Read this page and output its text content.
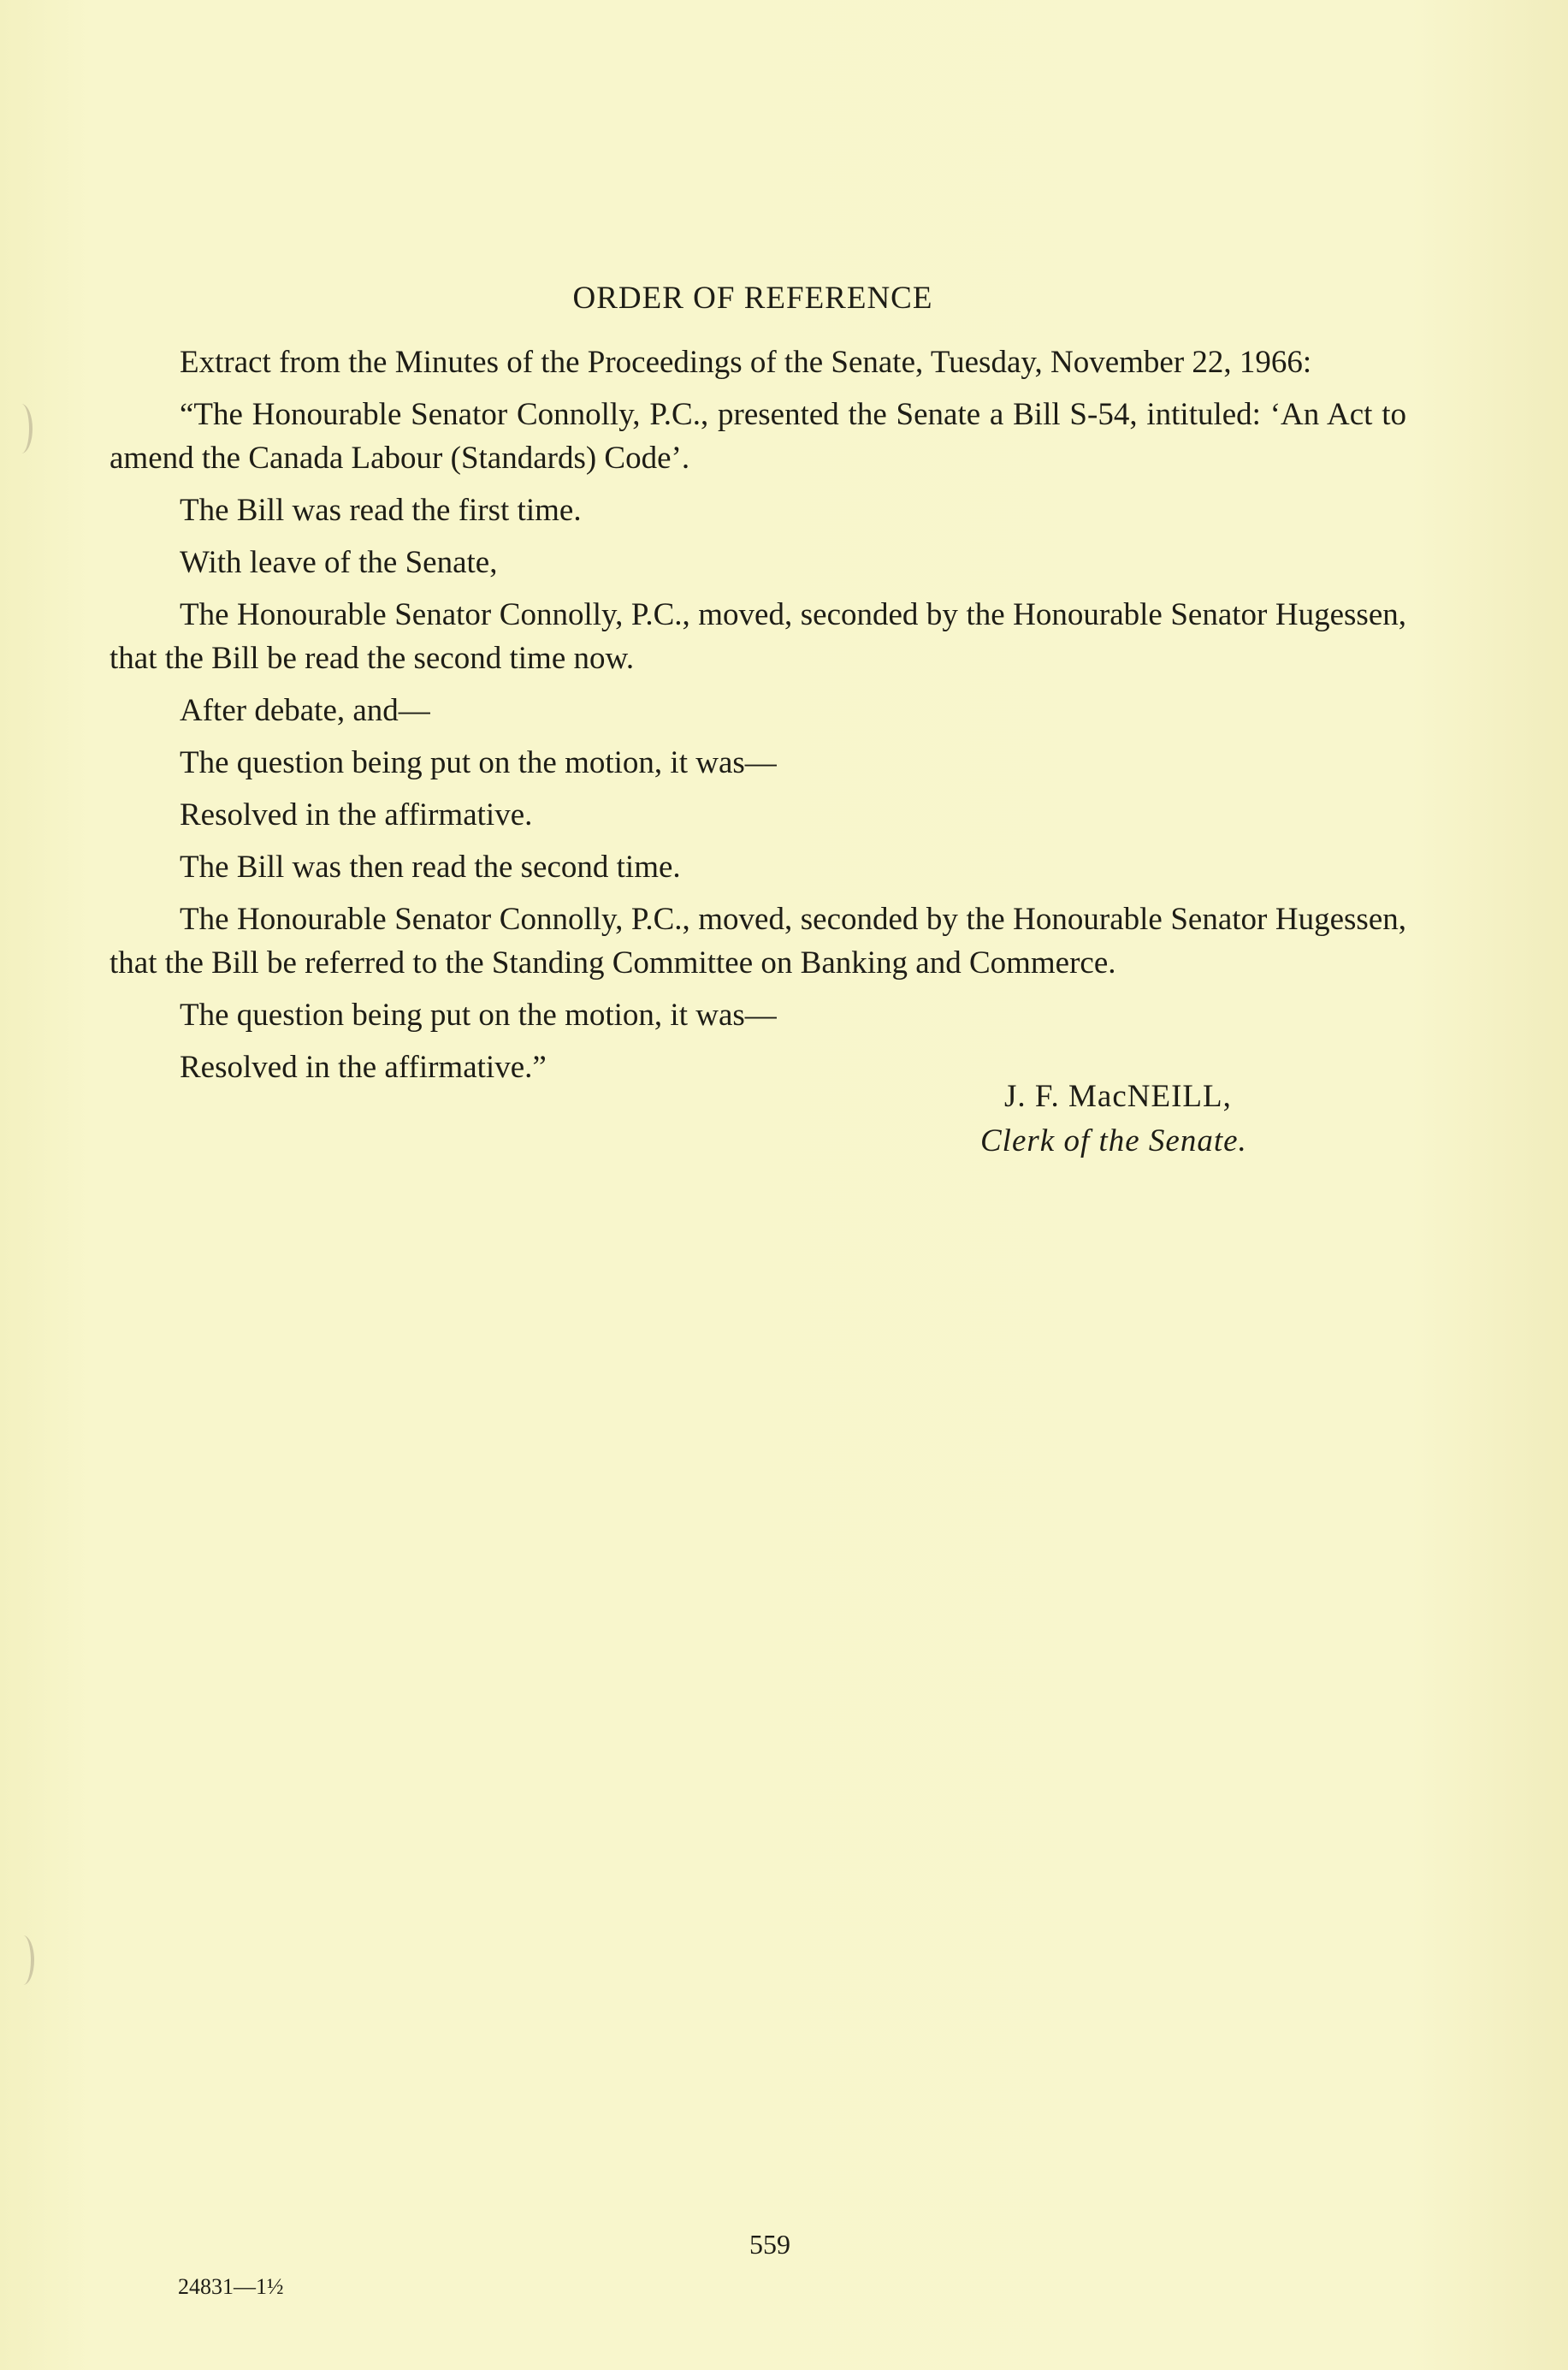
ORDER OF REFERENCE

Extract from the Minutes of the Proceedings of the Senate, Tuesday, November 22, 1966:

“The Honourable Senator Connolly, P.C., presented the Senate a Bill S-54, intituled: ‘An Act to amend the Canada Labour (Standards) Code’.

The Bill was read the first time.

With leave of the Senate,

The Honourable Senator Connolly, P.C., moved, seconded by the Honourable Senator Hugessen, that the Bill be read the second time now.

After debate, and—

The question being put on the motion, it was—

Resolved in the affirmative.

The Bill was then read the second time.

The Honourable Senator Connolly, P.C., moved, seconded by the Honourable Senator Hugessen, that the Bill be referred to the Standing Committee on Banking and Commerce.

The question being put on the motion, it was—

Resolved in the affirmative.”

J. F. MacNEILL,
Clerk of the Senate.
559
24831—1½
